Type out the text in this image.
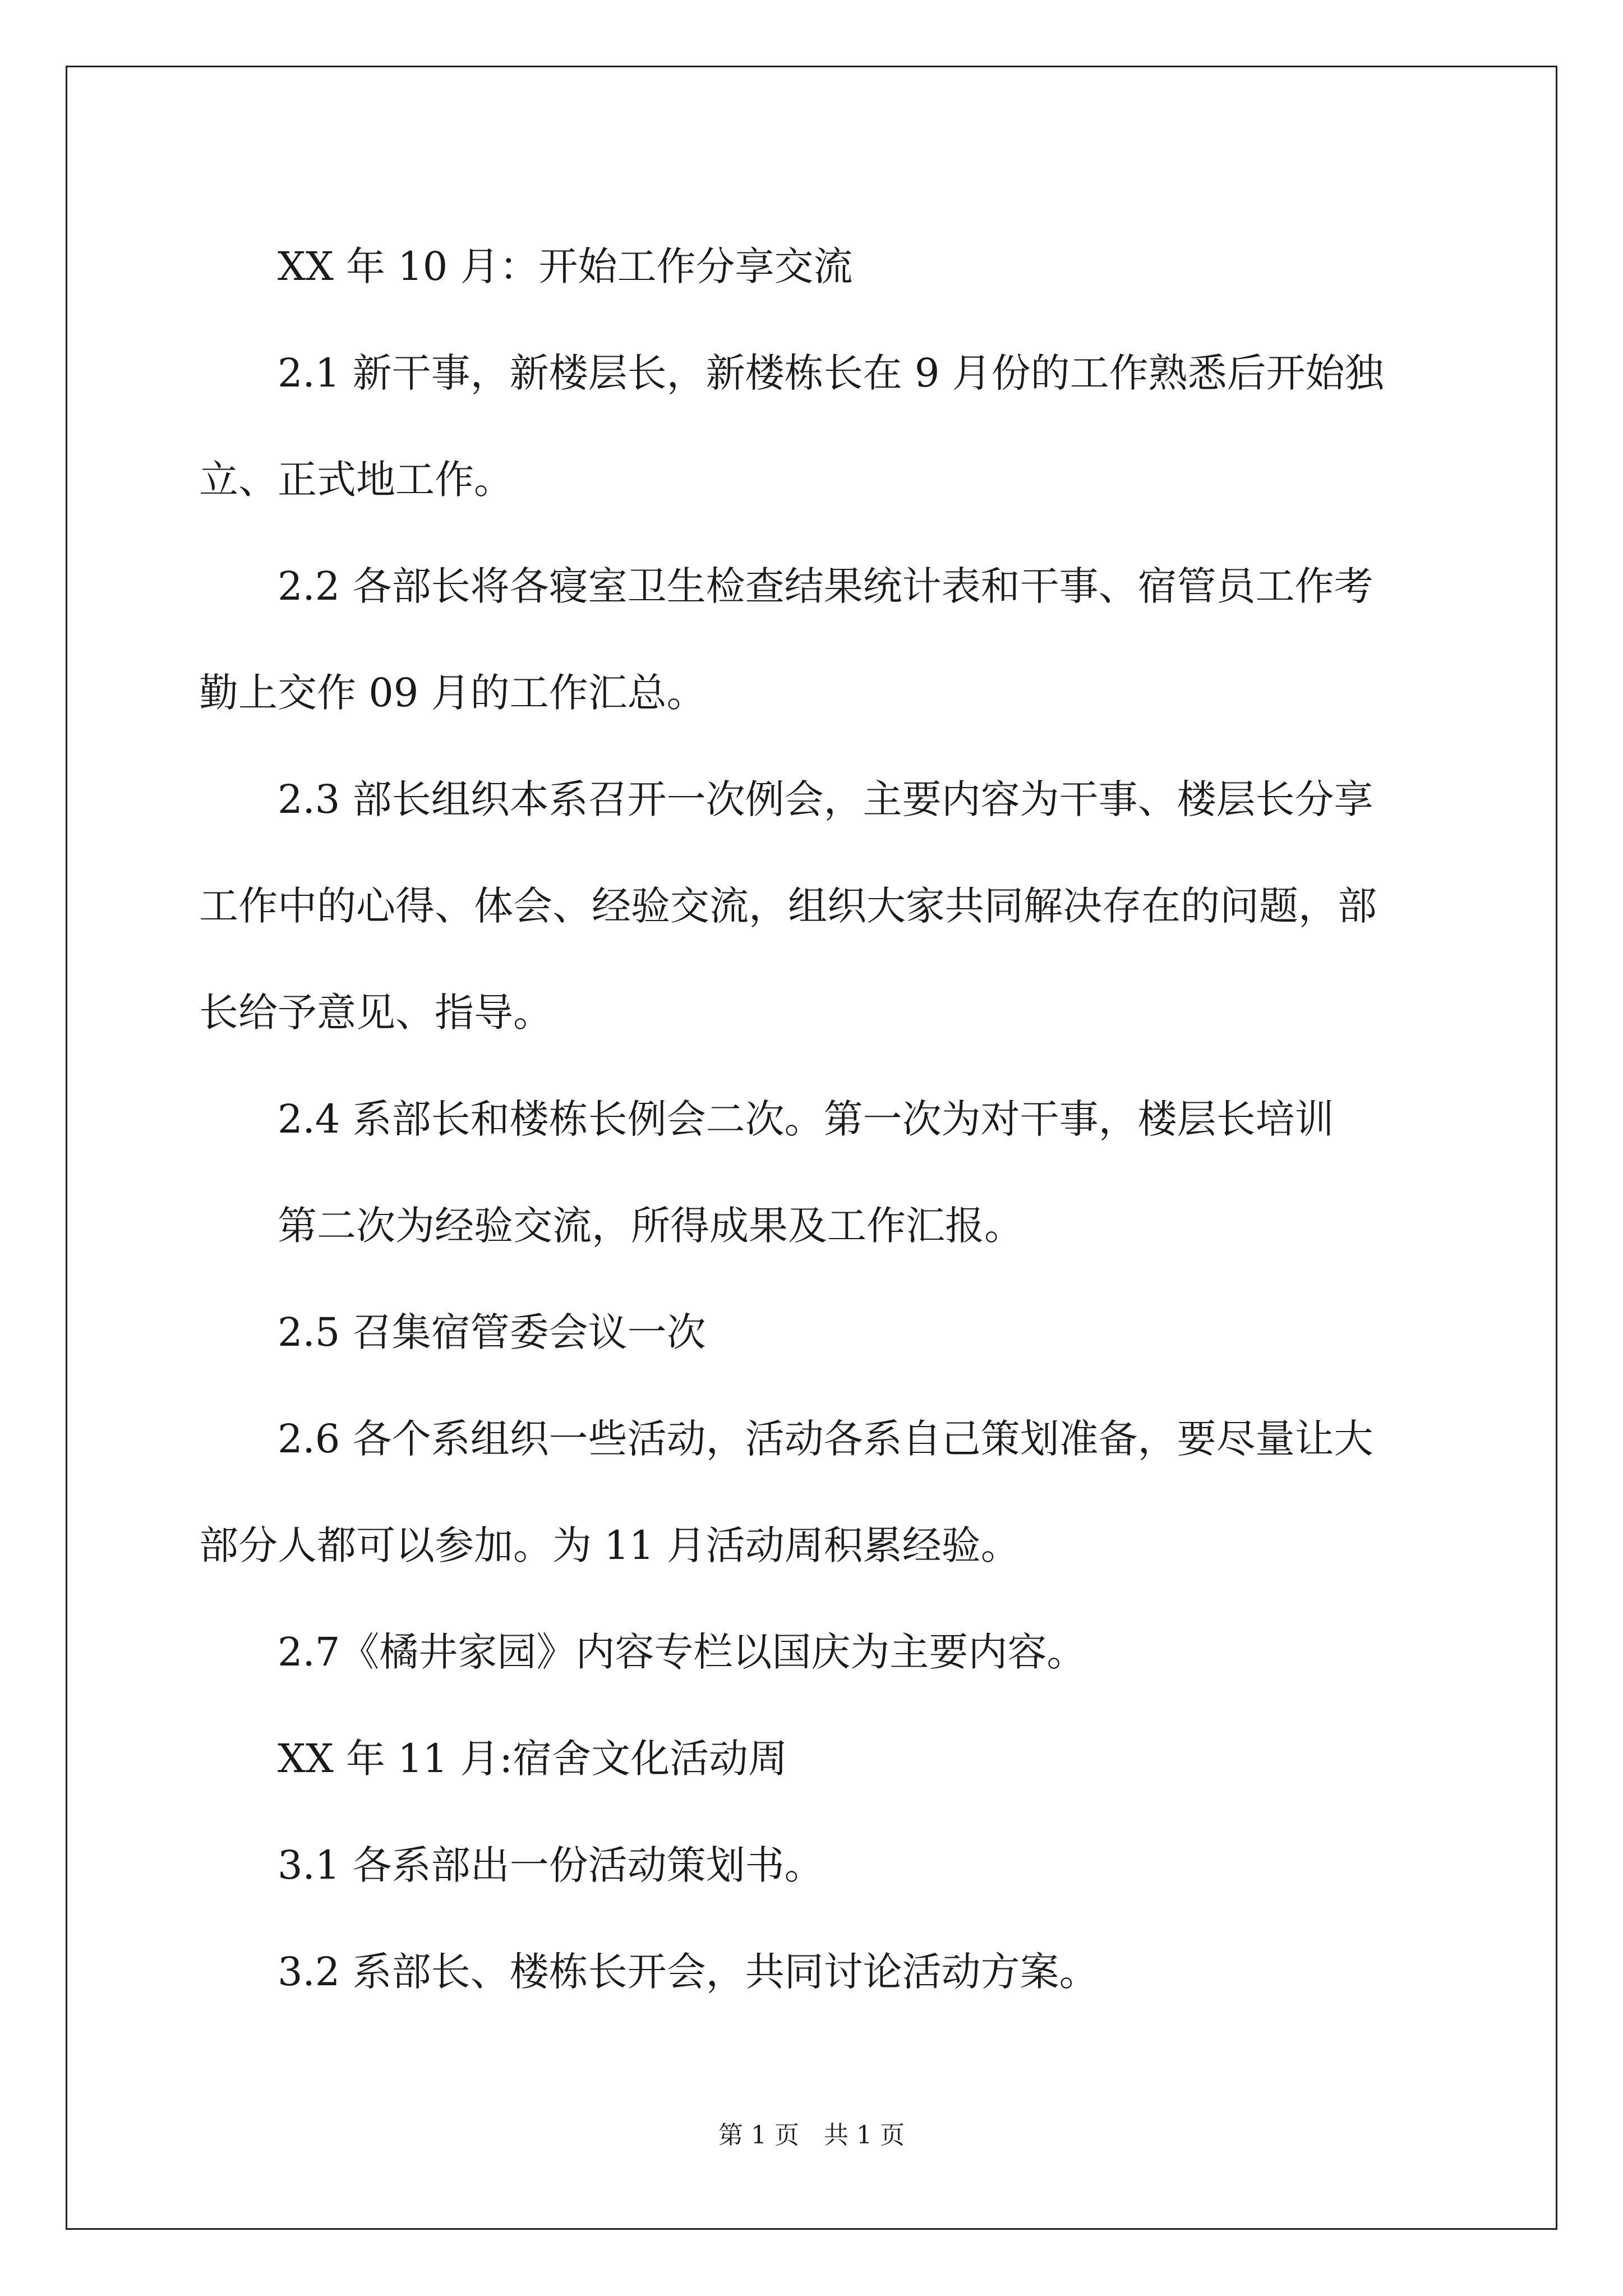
XX 年 10 月：开始工作分享交流

2.1 新干事，新楼层长，新楼栋长在 9 月份的工作熟悉后开始独

立、正式地工作。

2.2 各部长将各寝室卫生检查结果统计表和干事、宿管员工作考

勤上交作 09 月的工作汇总。

2.3 部长组织本系召开一次例会，主要内容为干事、楼层长分享

工作中的心得、体会、经验交流，组织大家共同解决存在的问题，部

长给予意见、指导。

2.4 系部长和楼栋长例会二次。第一次为对干事，楼层长培训

第二次为经验交流，所得成果及工作汇报。

2.5 召集宿管委会议一次

2.6 各个系组织一些活动，活动各系自己策划准备，要尽量让大

部分人都可以参加。为 11 月活动周积累经验。

2.7《橘井家园》内容专栏以国庆为主要内容。

XX 年 11 月:宿舍文化活动周

3.1 各系部出一份活动策划书。

3.2 系部长、楼栋长开会，共同讨论活动方案。

第 1 页　共 1 页
